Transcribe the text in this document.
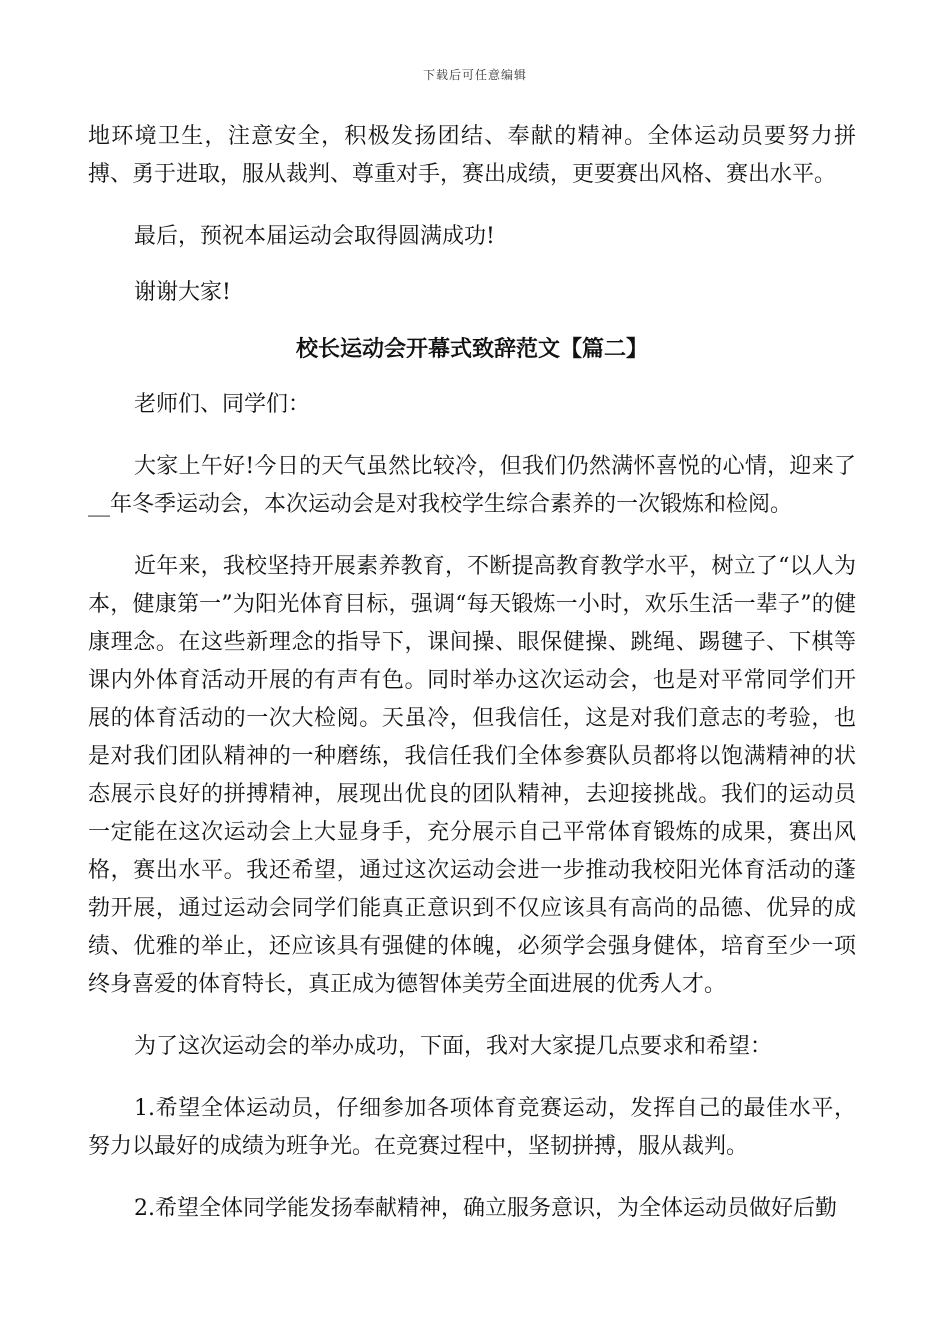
下载后可任意编辑

地环境卫生，注意安全，积极发扬团结、奉献的精神。全体运动员要努力拼搏、勇于进取，服从裁判、尊重对手，赛出成绩，更要赛出风格、赛出水平。

最后，预祝本届运动会取得圆满成功!

谢谢大家!

校长运动会开幕式致辞范文【篇二】

老师们、同学们：

大家上午好!今日的天气虽然比较冷，但我们仍然满怀喜悦的心情，迎来了__年冬季运动会，本次运动会是对我校学生综合素养的一次锻炼和检阅。

近年来，我校坚持开展素养教育，不断提高教育教学水平，树立了“以人为本，健康第一”为阳光体育目标，强调“每天锻炼一小时，欢乐生活一辈子”的健康理念。在这些新理念的指导下，课间操、眼保健操、跳绳、踢毽子、下棋等课内外体育活动开展的有声有色。同时举办这次运动会，也是对平常同学们开展的体育活动的一次大检阅。天虽冷，但我信任，这是对我们意志的考验，也是对我们团队精神的一种磨练，我信任我们全体参赛队员都将以饱满精神的状态展示良好的拼搏精神，展现出优良的团队精神，去迎接挑战。我们的运动员一定能在这次运动会上大显身手，充分展示自己平常体育锻炼的成果，赛出风格，赛出水平。我还希望，通过这次运动会进一步推动我校阳光体育活动的蓬勃开展，通过运动会同学们能真正意识到不仅应该具有高尚的品德、优异的成绩、优雅的举止，还应该具有强健的体魄，必须学会强身健体，培育至少一项终身喜爱的体育特长，真正成为德智体美劳全面进展的优秀人才。

为了这次运动会的举办成功，下面，我对大家提几点要求和希望：

1.希望全体运动员，仔细参加各项体育竞赛运动，发挥自己的最佳水平，努力以最好的成绩为班争光。在竞赛过程中，坚韧拼搏，服从裁判。

2.希望全体同学能发扬奉献精神，确立服务意识，为全体运动员做好后勤
